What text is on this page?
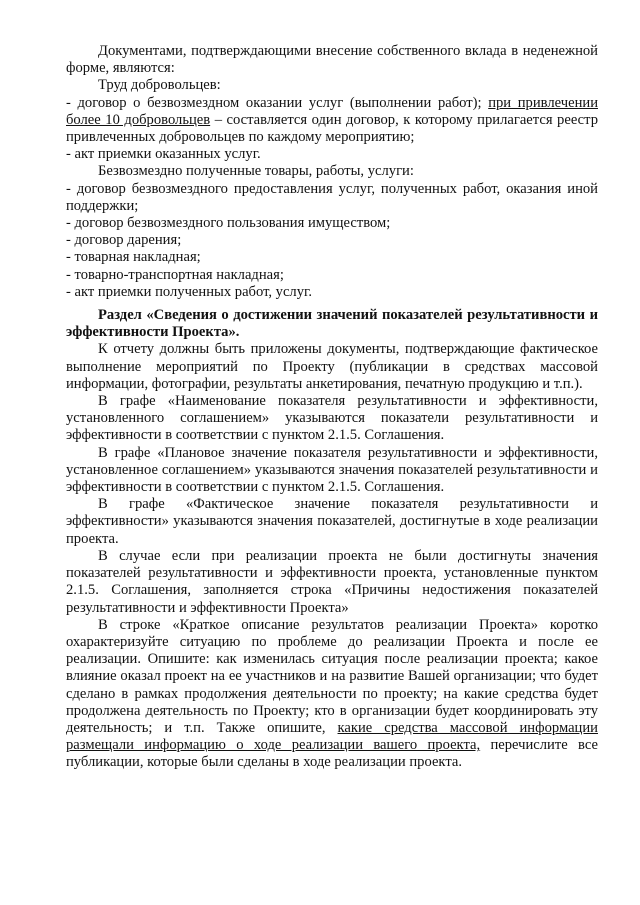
Документами, подтверждающими внесение собственного вклада в неденежной форме, являются:

Труд добровольцев:

- договор о безвозмездном оказании услуг (выполнении работ); при привлечении более 10 добровольцев – составляется один договор, к которому прилагается реестр привлеченных добровольцев по каждому мероприятию;

- акт приемки оказанных услуг.

Безвозмездно полученные товары, работы, услуги:

- договор безвозмездного предоставления услуг, полученных работ, оказания иной поддержки;

- договор безвозмездного пользования имуществом;

- договор дарения;

- товарная накладная;

- товарно-транспортная накладная;

- акт приемки полученных работ, услуг.

Раздел «Сведения о достижении значений показателей результативности и эффективности Проекта».

К отчету должны быть приложены документы, подтверждающие фактическое выполнение мероприятий по Проекту (публикации в средствах массовой информации, фотографии, результаты анкетирования, печатную продукцию и т.п.).

В графе «Наименование показателя результативности и эффективности, установленного соглашением» указываются показатели результативности и эффективности в соответствии с пунктом 2.1.5. Соглашения.

В графе «Плановое значение показателя результативности и эффективности, установленное соглашением» указываются значения показателей результативности и эффективности в соответствии с пунктом 2.1.5. Соглашения.

В графе «Фактическое значение показателя результативности и эффективности» указываются значения показателей, достигнутые в ходе реализации проекта.

В случае если при реализации проекта не были достигнуты значения показателей результативности и эффективности проекта, установленные пунктом 2.1.5. Соглашения, заполняется строка «Причины недостижения показателей результативности и эффективности Проекта»

В строке «Краткое описание результатов реализации Проекта» коротко охарактеризуйте ситуацию по проблеме до реализации Проекта и после ее реализации. Опишите: как изменилась ситуация после реализации проекта; какое влияние оказал проект на ее участников и на развитие Вашей организации; что будет сделано в рамках продолжения деятельности по проекту; на какие средства будет продолжена деятельность по Проекту; кто в организации будет координировать эту деятельность; и т.п. Также опишите, какие средства массовой информации размещали информацию о ходе реализации вашего проекта, перечислите все публикации, которые были сделаны в ходе реализации проекта.
